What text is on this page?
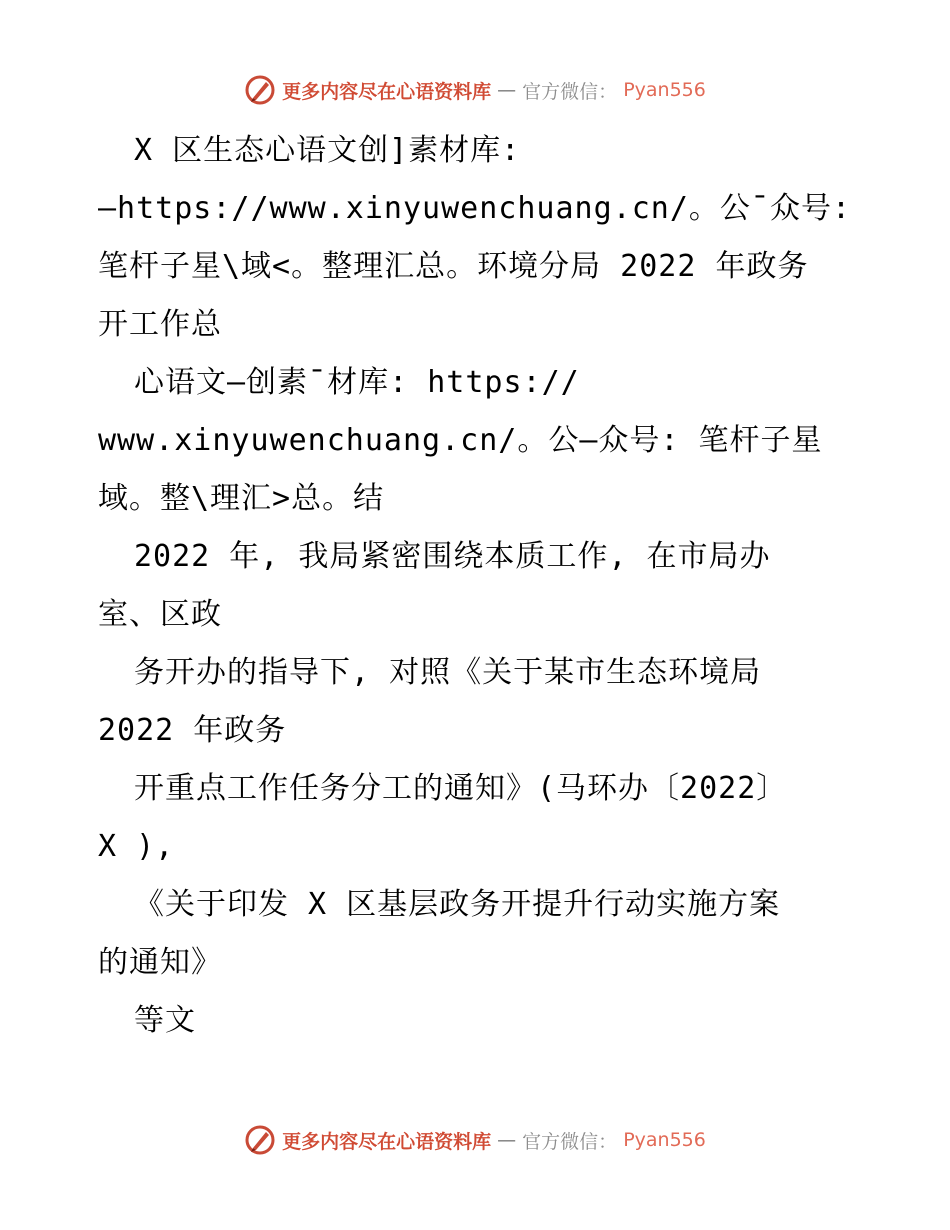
更多内容尽在心语资料库 — 官方微信： Pyan556
X 区生态心语文创]素材库:
—https://www.xinyuwenchuang.cn/。公¯众号:
笔杆子星\域<。整理汇总。环境分局 2022 年政务
开工作总
心语文—创素¯材库: https://
www.xinyuwenchuang.cn/。公—众号: 笔杆子星
域。整\理汇>总。结
2022 年, 我局紧密围绕本质工作, 在市局办
室、区政
务开办的指导下, 对照《关于某市生态环境局
2022 年政务
开重点工作任务分工的通知》(马环办〔2022〕
X ),
《关于印发 X 区基层政务开提升行动实施方案
的通知》
等文
更多内容尽在心语资料库 — 官方微信： Pyan556
